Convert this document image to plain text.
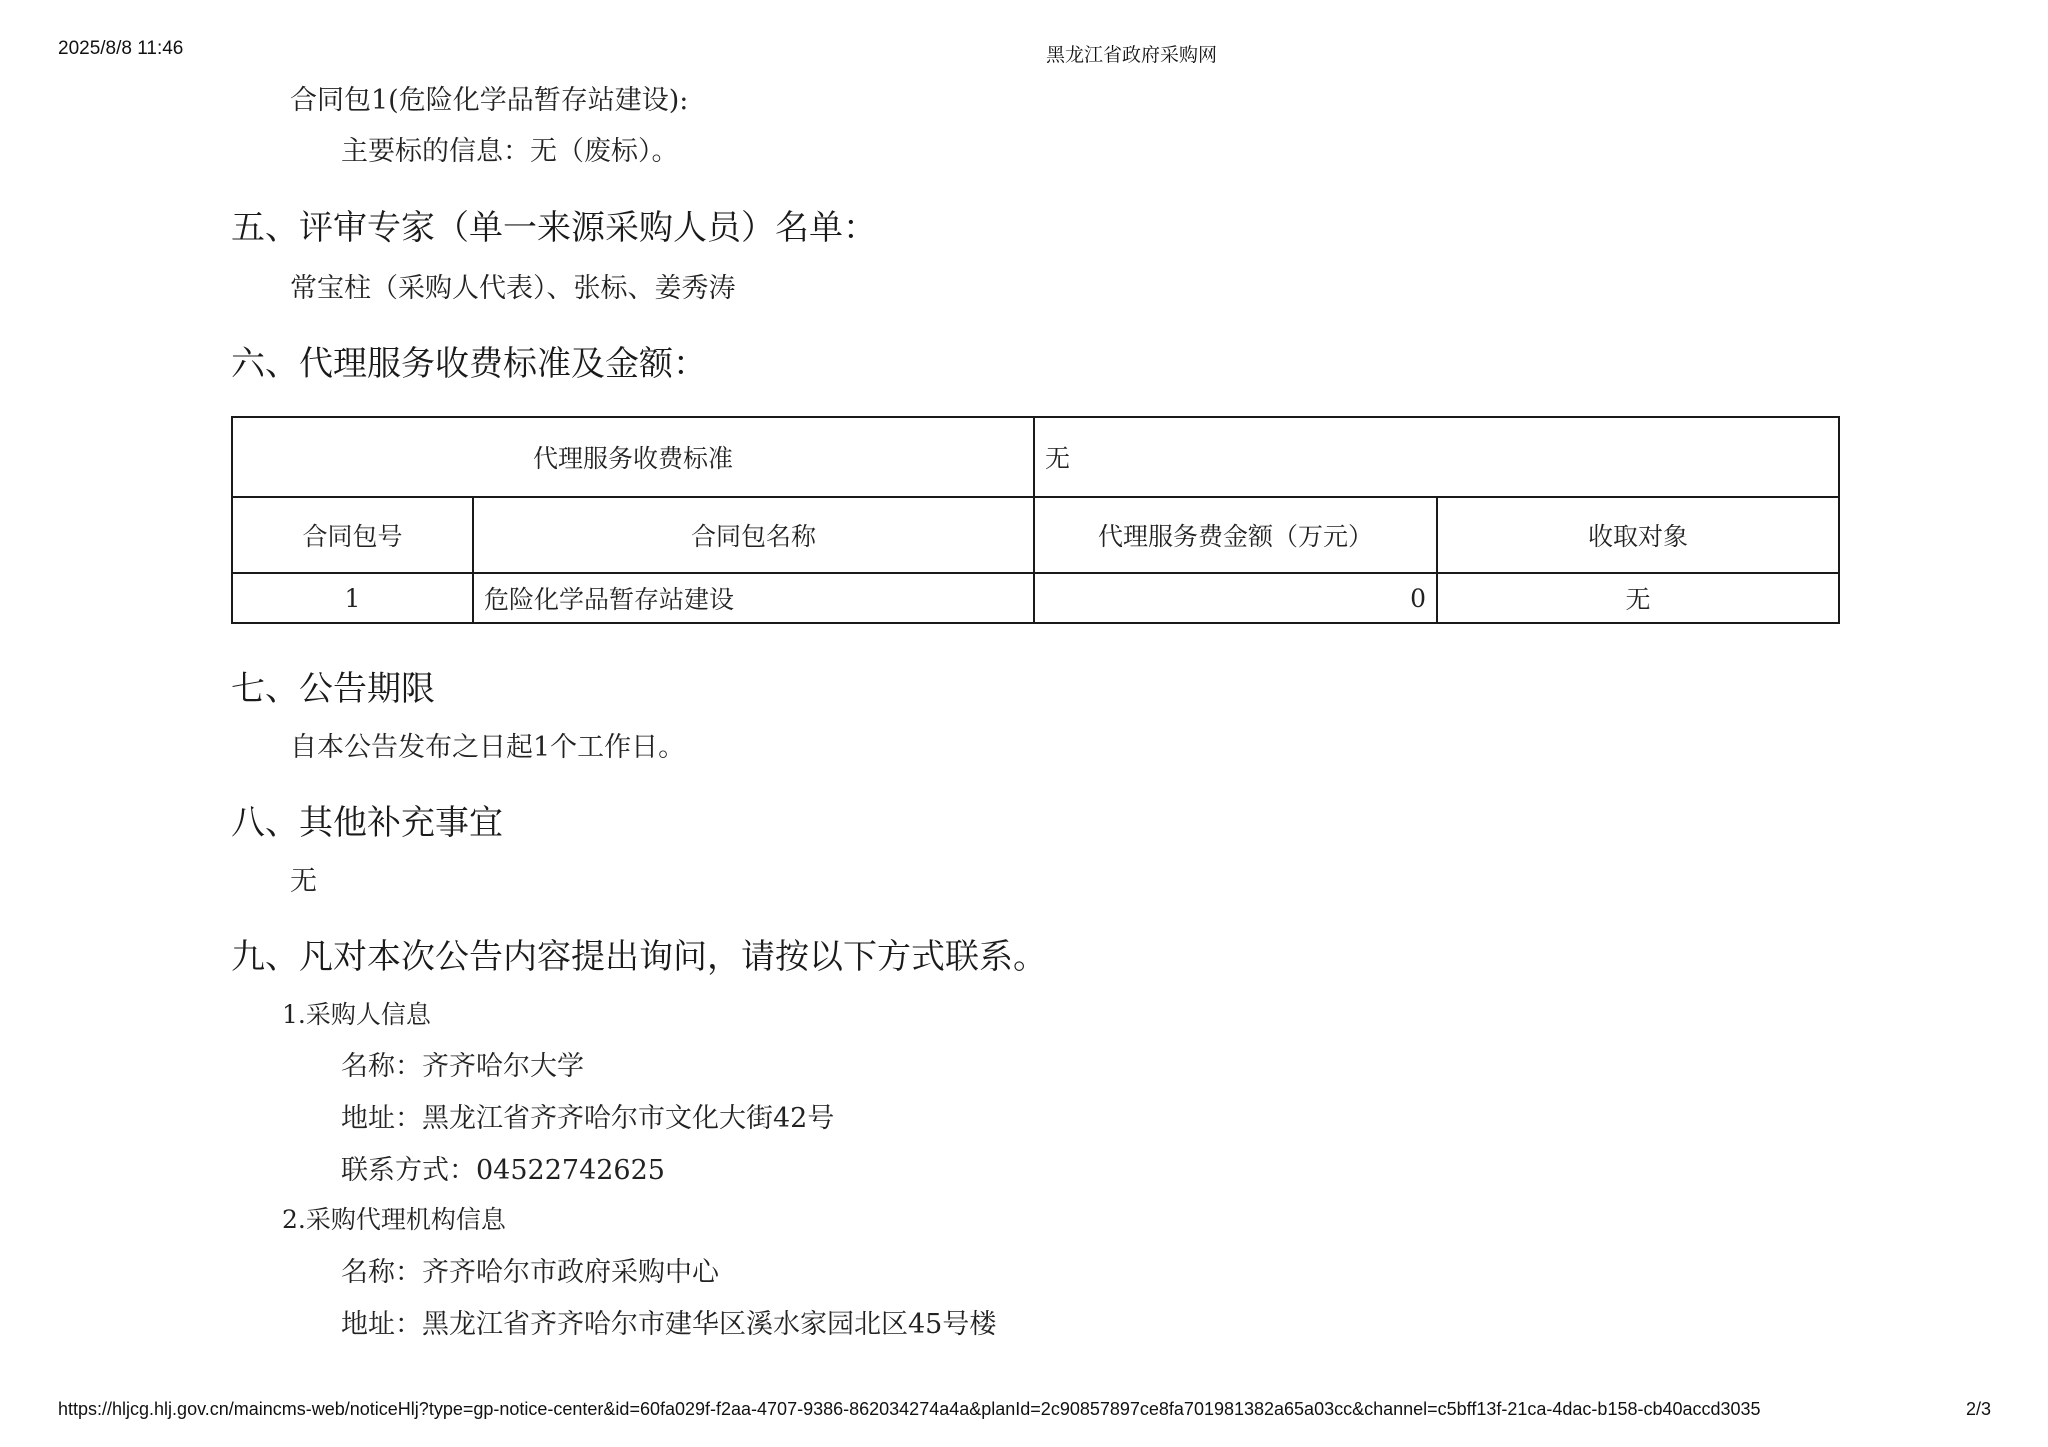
2025/8/8 11:46	黑龙江省政府采购网
合同包1(危险化学品暂存站建设):
主要标的信息：无（废标）。
五、评审专家（单一来源采购人员）名单：
常宝柱（采购人代表）、张标、姜秀涛
六、代理服务收费标准及金额：
代理服务收费标准		无	
合同包号	合同包名称	代理服务费金额（万元）	收取对象
1	危险化学品暂存站建设	0	无
七、公告期限
自本公告发布之日起1个工作日。
八、其他补充事宜
无
九、凡对本次公告内容提出询问，请按以下方式联系。
1.采购人信息
名称：齐齐哈尔大学
地址：黑龙江省齐齐哈尔市文化大街42号
联系方式：04522742625
2.采购代理机构信息
名称：齐齐哈尔市政府采购中心
地址：黑龙江省齐齐哈尔市建华区溪水家园北区45号楼
https://hljcg.hlj.gov.cn/maincms-web/noticeHlj?type=gp-notice-center&id=60fa029f-f2aa-4707-9386-862034274a4a&planId=2c90857897ce8fa701981382a65a03cc&channel=c5bff13f-21ca-4dac-b158-cb40accd3035	2/3
